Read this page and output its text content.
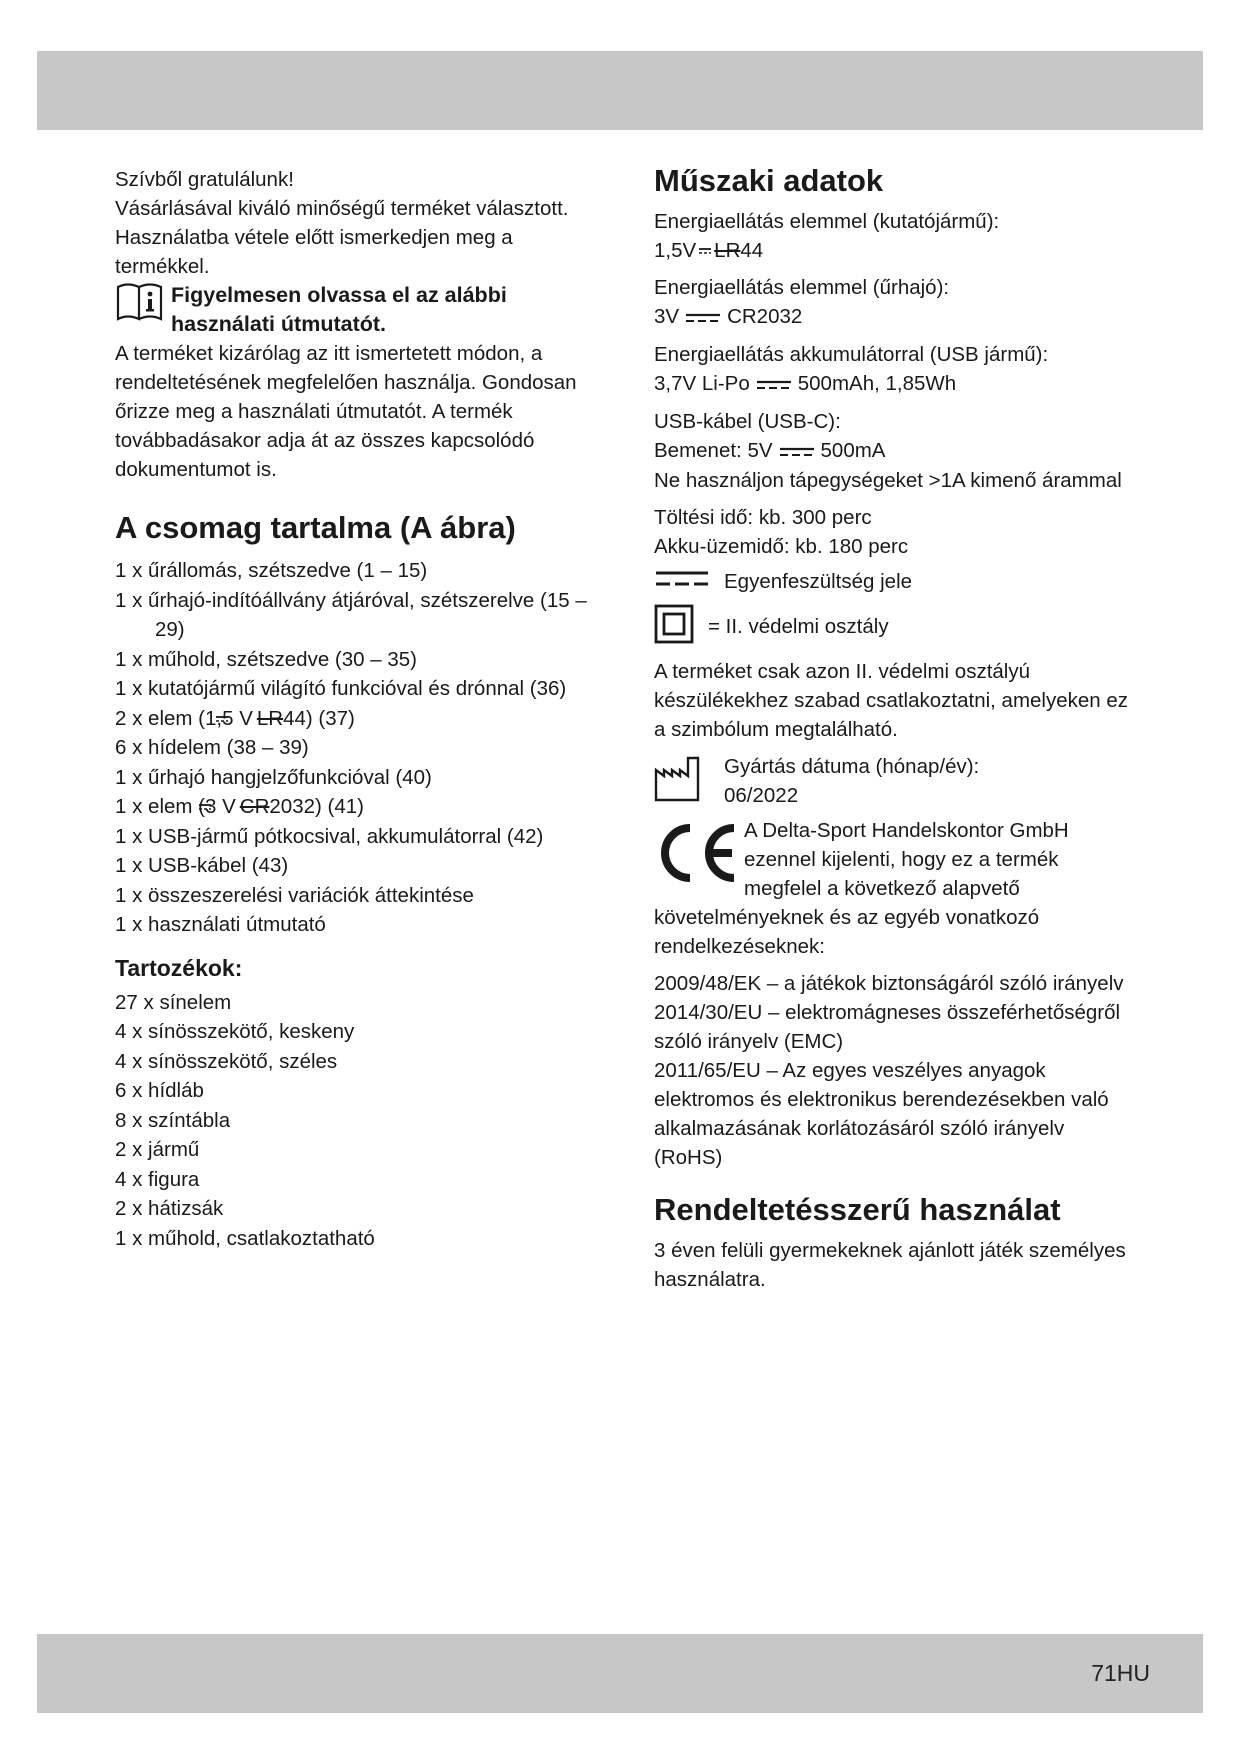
Szívből gratulálunk!

Vásárlásával kiváló minőségű terméket választott. Használatba vétele előtt ismerkedjen meg a termékkel.

Figyelmesen olvassa el az alábbi használati útmutatót.

A terméket kizárólag az itt ismertetett módon, a rendeltetésének megfelelően használja. Gondosan őrizze meg a használati útmutatót. A termék továbbadásakor adja át az összes kapcsolódó dokumentumot is.

A csomag tartalma (A ábra)
1 x űrállomás, szétszedve (1 – 15)
1 x űrhajó-indítóállvány átjáróval, szétszerelve (15 – 29)
1 x műhold, szétszedve (30 – 35)
1 x kutatójármű világító funkcióval és drónnal (36)
2 x elem (1,5 V LR44) (37)
6 x hídelem (38 – 39)
1 x űrhajó hangjelzőfunkcióval (40)
1 x elem (3 V CR2032) (41)
1 x USB-jármű pótkocsival, akkumulátorral (42)
1 x USB-kábel (43)
1 x összeszerelési variációk áttekintése
1 x használati útmutató
Tartozékok:
27 x sínelem
4 x sínösszekötő, keskeny
4 x sínösszekötő, széles
6 x hídláb
8 x színtábla
2 x jármű
4 x figura
2 x hátizsák
1 x műhold, csatlakoztatható
Műszaki adatok

Energiaellátás elemmel (kutatójármű):

1,5V LR44

Energiaellátás elemmel (űrhajó):

3V CR2032

Energiaellátás akkumulátorral (USB jármű):

3,7V Li-Po 500mAh, 1,85Wh

USB-kábel (USB-C):

Bemenet: 5V 500mA

Ne használjon tápegységeket >1A kimenő árammal

Töltési idő: kb. 300 perc

Akku-üzemidő: kb. 180 perc

Egyenfeszültség jele
= II. védelmi osztály

A terméket csak azon II. védelmi osztályú készülékekhez szabad csatlakoztatni, amelyeken ez a szimbólum megtalálható.

Gyártás dátuma (hónap/év):

06/2022

A Delta-Sport Handelskontor GmbH ezennel kijelenti, hogy ez a termék megfelel a következő alapvető

követelményeknek és az egyéb vonatkozó rendelkezéseknek:

2009/48/EK – a játékok biztonságáról szóló irányelv

2014/30/EU – elektromágneses összeférhetőségről szóló irányelv (EMC)

2011/65/EU – Az egyes veszélyes anyagok elektromos és elektronikus berendezésekben való alkalmazásának korlátozásáról szóló irányelv (RoHS)

Rendeltetésszerű használat

3 éven felüli gyermekeknek ajánlott játék személyes használatra.

71HU
